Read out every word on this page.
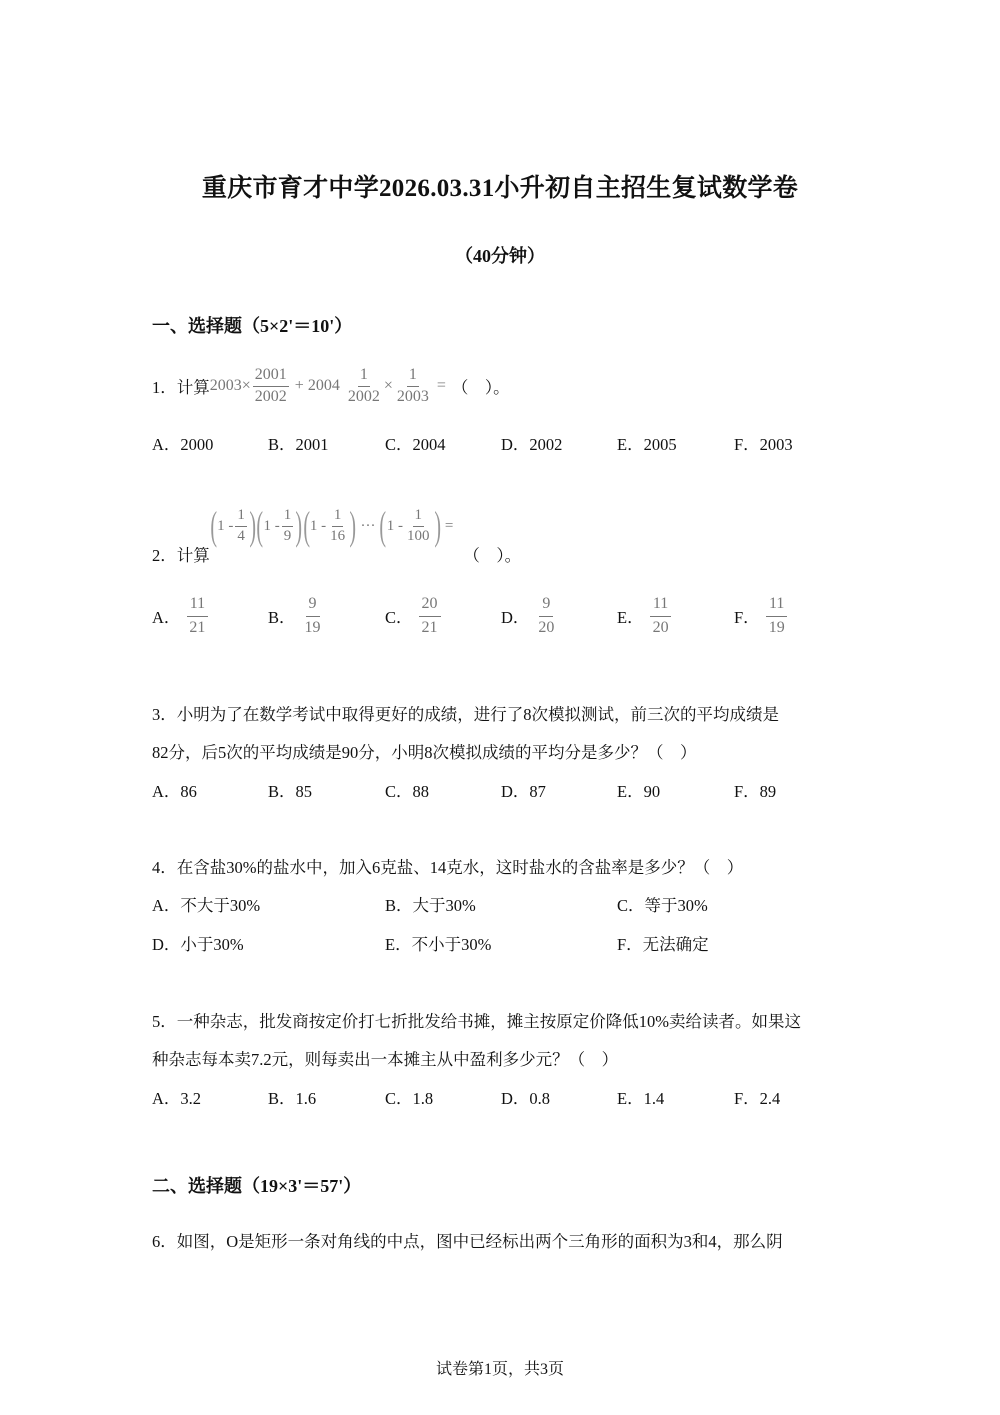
重庆市育才中学2026.03.31小升初自主招生复试数学卷
（40分钟）
一、选择题（5×2'＝10'）
1．计算 $2003 \times \frac{2001}{2002} + 2004 \frac{1}{2002} \times \frac{1}{2003}$ = （　）。
A．2000	B．2001	C．2004	D．2002	E．2005	F．2003
2．计算
( $1 - \frac{1}{4}$ ) ( $1 - \frac{1}{9}$ ) ( $1 - \frac{1}{16}$ ) ··· ( $1 - \frac{1}{100}$ ) =
（　）。
A． $\frac{11}{21}$	B． $\frac{9}{19}$	C． $\frac{20}{21}$	D． $\frac{9}{20}$	E． $\frac{11}{20}$	F． $\frac{11}{19}$
3．小明为了在数学考试中取得更好的成绩，进行了8次模拟测试，前三次的平均成绩是
82分，后5次的平均成绩是90分，小明8次模拟成绩的平均分是多少？（　）
A．86	B．85	C．88	D．87	E．90	F．89
4．在含盐30%的盐水中，加入6克盐、14克水，这时盐水的含盐率是多少？（　）
A．不大于30%	B．大于30%	C．等于30%
D．小于30%	E．不小于30%	F．无法确定
5．一种杂志，批发商按定价打七折批发给书摊，摊主按原定价降低10%卖给读者。如果这
种杂志每本卖7.2元，则每卖出一本摊主从中盈利多少元？（　）
A．3.2	B．1.6	C．1.8	D．0.8	E．1.4	F．2.4
二、选择题（19×3'＝57'）
6．如图，O是矩形一条对角线的中点，图中已经标出两个三角形的面积为3和4，那么阴
试卷第1页，共3页
